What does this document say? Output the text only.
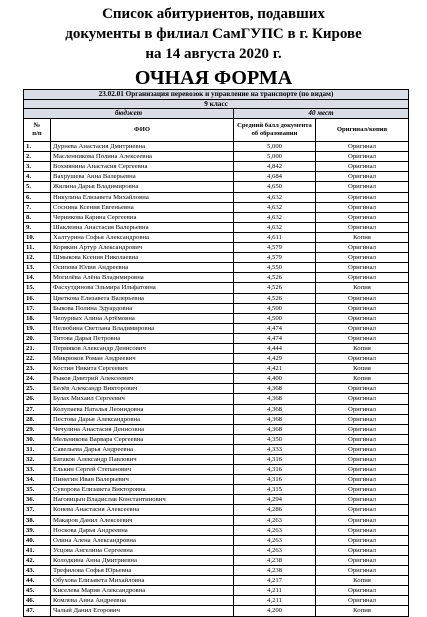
Список абитуриентов, подавших
документы в филиал СамГУПС в г. Кирове
на 14 августа 2020 г.
ОЧНАЯ ФОРМА
23.02.01 Организация перевозок и управление на транспорте (по видам)			
9 класс			
бюджет		40 мест	
№
п/п	ФИО	Средний балл документа об образовании	Оригинал/копия
1.	Дурнева Анастасия Дмитриевна	5,000	Оригинал
2.	Масленникова Полина Алексеевна	5,000	Оригинал
3.	Вохмянина Анастасия Сергеевна	4,842	Оригинал
4.	Вахрушева Анна Валерьевна	4,684	Оригинал
5.	Жилина Дарья Владимировна	4,650	Оригинал
6.	Никулина Елизавета Михайловна	4,632	Оригинал
7.	Соснина Ксения Евгеньевна	4,632	Оригинал
8.	Черникова Карина Сергеевна	4,632	Оригинал
9.	Шаклеина Анастасия Валерьевна	4,632	Оригинал
10.	Халтурина Софья Александровна	4,611	Копия
11.	Корякин Артур Александрович	4,579	Оригинал
12.	Шмыкова Ксения Николаевна	4,579	Оригинал
13.	Осипова Юлия Андреевна	4,550	Оригинал
14.	Могилёва Алёна Владимировна	4,526	Оригинал
15.	Фасхутдинова Эльмира Ильфатовна	4,526	Копия
16.	Цветкова Елизавета Валерьевна	4,526	Оригинал
17.	Быкова Полина Эдуардовна	4,500	Оригинал
18.	Чепурных Алина Артёмовна	4,500	Оригинал
19.	Нелюбина Светлана Владимировна	4,474	Оригинал
20.	Титова Дарья Петровна	4,474	Оригинал
21.	Пермяков Александр Денисович	4,444	Копия
22.	Микрюков Роман Андреевич	4,429	Оригинал
23.	Костин Никита Сергеевич	4,421	Копия
24.	Рыков Дмитрий Алексеевич	4,400	Копия
25.	Белёв Александр Викторович	4,368	Оригинал
26.	Булах Михаил Сергеевич	4,368	Оригинал
27.	Колупаева Наталья Леонидовна	4,368	Оригинал
28.	Пестова Дарья Александровна	4,368	Оригинал
29.	Чечулина Анастасия Денисовна	4,368	Оригинал
30.	Мельникова Варвара Сергеевна	4,350	Оригинал
31.	Савельева Дарья Андреевна	4,333	Оригинал
32.	Батаков Александр Павлович	4,316	Оригинал
33.	Елькин Сергей Степанович	4,316	Оригинал
34.	Пинегин Иван Валерьевич	4,316	Оригинал
35.	Суворова Елизавета Викторовна	4,315	Оригинал
36.	Наговицын Владислав Константинович	4,294	Оригинал
37.	Конева Анастасия Алексеевна	4,286	Оригинал
38.	Макаров Данил Алексеевич	4,263	Оригинал
39.	Носкова Дарья Андреевна	4,263	Оригинал
40.	Олина Алена Александровна	4,263	Оригинал
41.	Усцова Ангелина Сергеевна	4,263	Оригинал
42.	Колодкина Анна Дмитриевна	4,238	Оригинал
43.	Трефилова Софья Юрьевна	4,238	Оригинал
44.	Обухова Елизавета Михайловна	4,217	Копия
45.	Киселева Мария Александровна	4,211	Оригинал
46.	Комлева Анна Андреевна	4,211	Оригинал
47.	Чалый Данил Егорович	4,200	Копия
